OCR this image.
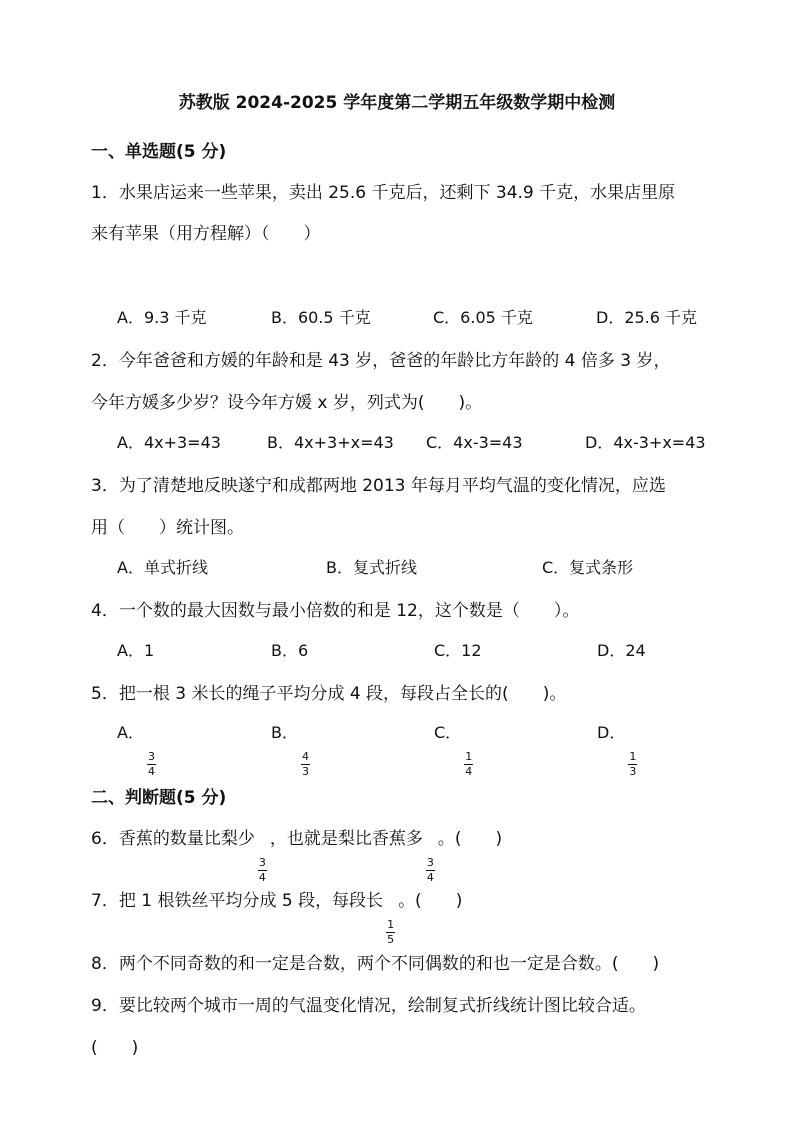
苏教版 2024-2025 学年度第二学期五年级数学期中检测
一、单选题(5 分)
1．水果店运来一些苹果，卖出 25.6 千克后，还剩下 34.9 千克，水果店里原
来有苹果（用方程解）（　　）
A．9.3 千克	B．60.5 千克	C．6.05 千克	D．25.6 千克
2．今年爸爸和方媛的年龄和是 43 岁，爸爸的年龄比方年龄的 4 倍多 3 岁，
今年方媛多少岁？设今年方媛 x 岁，列式为(　　)。
A．4x+3=43	B．4x+3+x=43 C．4x-3=43	D．4x-3+x=43
3．为了清楚地反映遂宁和成都两地 2013 年每月平均气温的变化情况，应选
用（　　）统计图。
A．单式折线	B．复式折线	C．复式条形
4．一个数的最大因数与最小倍数的和是 12，这个数是（　　）。
A．1	B．6	C．12	D．24
5．把一根 3 米长的绳子平均分成 4 段，每段占全长的(　　)。
A．
$\frac{3}{4}$
B．
$\frac{4}{3}$
C．
$\frac{1}{4}$
D．
$\frac{1}{3}$
二、判断题(5 分)
6．香蕉的数量比梨少
$\frac{3}{4}$
，也就是梨比香蕉多
$\frac{3}{4}$
。(　　)
7．把 1 根铁丝平均分成 5 段，每段长
$\frac{1}{5}$
。(　　)
8．两个不同奇数的和一定是合数，两个不同偶数的和也一定是合数。(　　)
9．要比较两个城市一周的气温变化情况，绘制复式折线统计图比较合适。
(　　)
